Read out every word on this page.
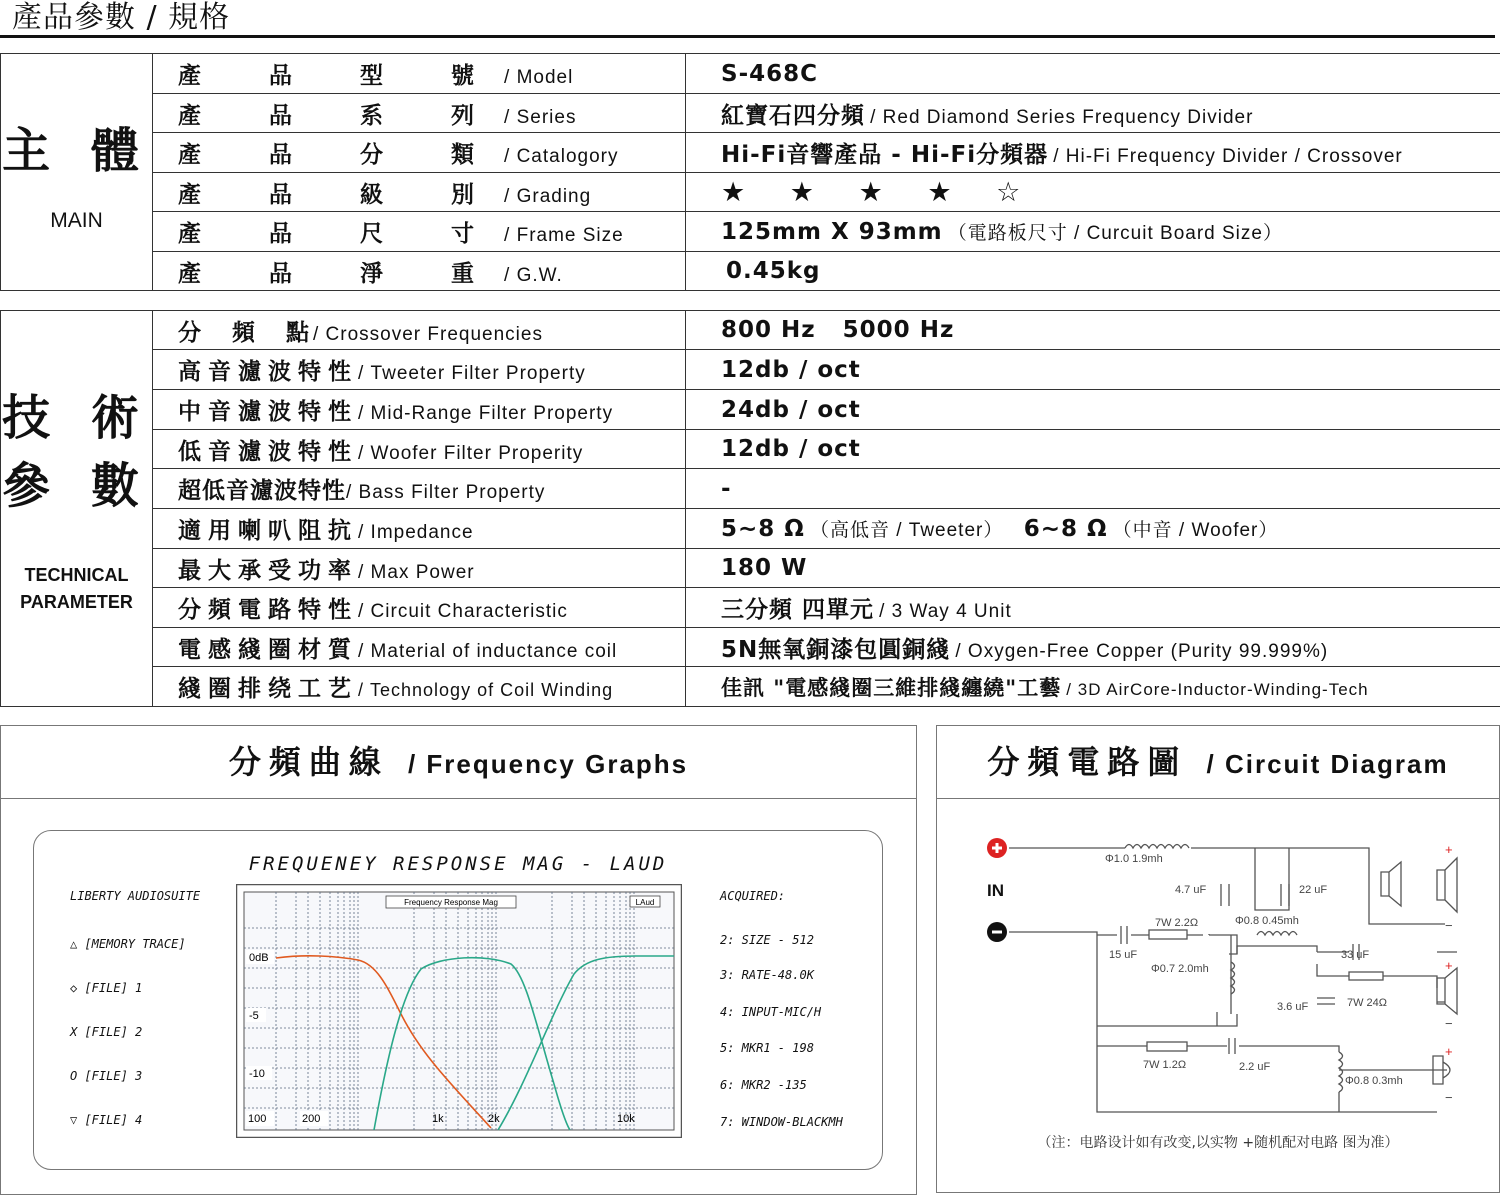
產品參數 / 規格
主 體
MAIN	產 品 型 號/ Model	S-468C
	產 品 系 列/ Series	紅寶石四分頻 / Red Diamond Series Frequency Divider
	產 品 分 類/ Catalogory	Hi-Fi音響產品 - Hi-Fi分頻器 / Hi-Fi Frequency Divider / Crossover
	產 品 級 別/ Grading	★ ★ ★ ★ ☆
	產 品 尺 寸/ Frame Size	125mm X 93mm （電路板尺寸 / Curcuit Board Size）
	產 品 淨 重/ G.W.	0.45kg
技 術
參 數
TECHNICAL
PARAMETER	分　頻　點/ Crossover Frequencies	800 Hz   5000 Hz
	高音濾波特性/ Tweeter Filter Property	12db / oct
	中音濾波特性/ Mid-Range Filter Property	24db / oct
	低音濾波特性/ Woofer Filter Properity	12db / oct
	超低音濾波特性/ Bass Filter Property	-
	適用喇叭阻抗/ Impedance	5~8 Ω （高低音 / Tweeter） 6~8 Ω （中音 / Woofer）
	最大承受功率/ Max Power	180 W
	分頻電路特性/ Circuit Characteristic	三分頻 四單元 / 3 Way 4 Unit
	電感綫圈材質/ Material of inductance coil	5N無氧銅漆包圓銅綫 / Oxygen-Free Copper (Purity 99.999%)
	綫圈排绕工艺/ Technology of Coil Winding	佳訊 "電感綫圈三維排綫纏繞"工藝 / 3D AirCore-Inductor-Winding-Tech
分頻曲線 / Frequency Graphs
FREQUENEY RESPONSE MAG - LAUD
LIBERTY AUDIOSUITE
△ [MEMORY TRACE]
◇ [FILE] 1
X [FILE] 2
O [FILE] 3
▽ [FILE] 4
ACQUIRED:
2: SIZE - 512
3: RATE-48.0K
4: INPUT-MIC/H
5: MKR1 - 198
6: MKR2 -135
7: WINDOW-BLACKMH
Frequency Response Mag	LAud
0dB
-5
-10
100	200	1k	2k	10k
分頻電路圖 / Circuit Diagram
IN
Φ1.0 1.9mh
4.7 uF	22 uF
+
−
15 uF
7W 2.2Ω	Φ0.8 0.45mh
Φ0.7 2.0mh
33 uF
3.6 uF	7W 24Ω
+
−
7W 1.2Ω	2.2 uF
Φ0.8 0.3mh
+
−
（注：电路设计如有改变,以实物 +随机配对电路 图为准）
